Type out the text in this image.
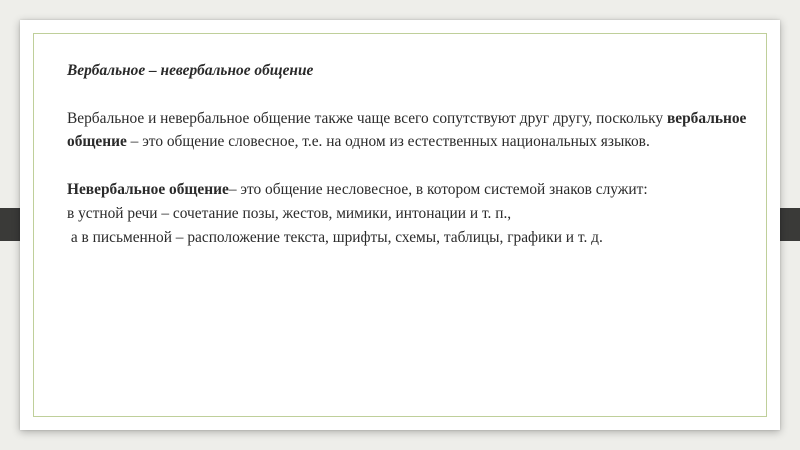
Вербальное – невербальное общение

Вербальное и невербальное общение также чаще всего сопутствуют друг другу, поскольку вербальное общение – это общение словесное, т.е. на одном из естественных национальных языков.

Невербальное общение– это общение несловесное, в котором системой знаков служит:

в устной речи – сочетание позы, жестов, мимики, интонации и т. п.,

а в письменной – расположение текста, шрифты, схемы, таблицы, графики и т. д.
